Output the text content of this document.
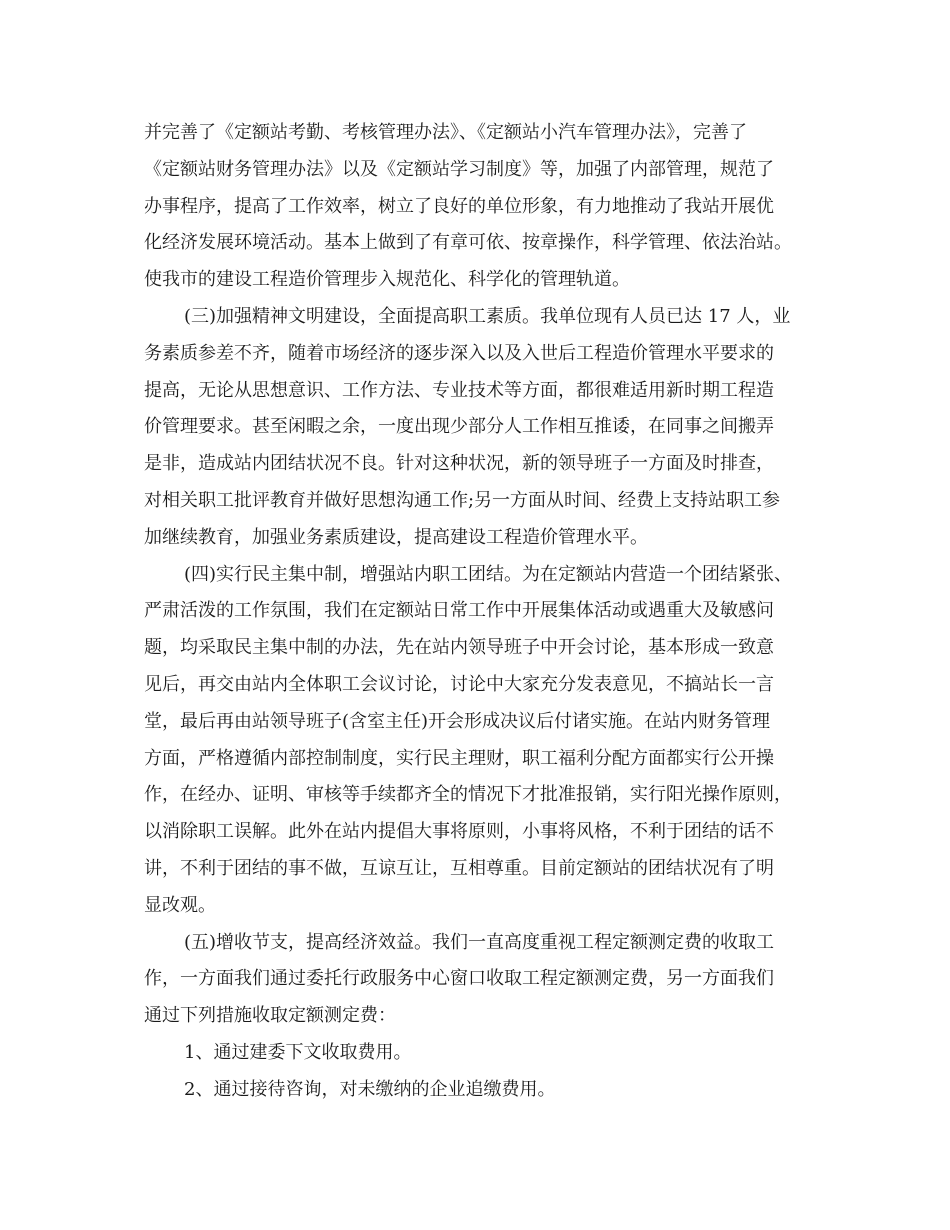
并完善了《定额站考勤、考核管理办法》、《定额站小汽车管理办法》，完善了
《定额站财务管理办法》以及《定额站学习制度》等，加强了内部管理，规范了
办事程序，提高了工作效率，树立了良好的单位形象，有力地推动了我站开展优
化经济发展环境活动。基本上做到了有章可依、按章操作，科学管理、依法治站。
使我市的建设工程造价管理步入规范化、科学化的管理轨道。
(三)加强精神文明建设，全面提高职工素质。我单位现有人员已达 17 人，业
务素质参差不齐，随着市场经济的逐步深入以及入世后工程造价管理水平要求的
提高，无论从思想意识、工作方法、专业技术等方面，都很难适用新时期工程造
价管理要求。甚至闲暇之余，一度出现少部分人工作相互推诿，在同事之间搬弄
是非，造成站内团结状况不良。针对这种状况，新的领导班子一方面及时排查，
对相关职工批评教育并做好思想沟通工作;另一方面从时间、经费上支持站职工参
加继续教育，加强业务素质建设，提高建设工程造价管理水平。
(四)实行民主集中制，增强站内职工团结。为在定额站内营造一个团结紧张、
严肃活泼的工作氛围，我们在定额站日常工作中开展集体活动或遇重大及敏感问
题，均采取民主集中制的办法，先在站内领导班子中开会讨论，基本形成一致意
见后，再交由站内全体职工会议讨论，讨论中大家充分发表意见，不搞站长一言
堂，最后再由站领导班子(含室主任)开会形成决议后付诸实施。在站内财务管理
方面，严格遵循内部控制制度，实行民主理财，职工福利分配方面都实行公开操
作，在经办、证明、审核等手续都齐全的情况下才批准报销，实行阳光操作原则，
以消除职工误解。此外在站内提倡大事将原则，小事将风格，不利于团结的话不
讲，不利于团结的事不做，互谅互让，互相尊重。目前定额站的团结状况有了明
显改观。
(五)增收节支，提高经济效益。我们一直高度重视工程定额测定费的收取工
作，一方面我们通过委托行政服务中心窗口收取工程定额测定费，另一方面我们
通过下列措施收取定额测定费：
1、通过建委下文收取费用。
2、通过接待咨询，对未缴纳的企业追缴费用。
